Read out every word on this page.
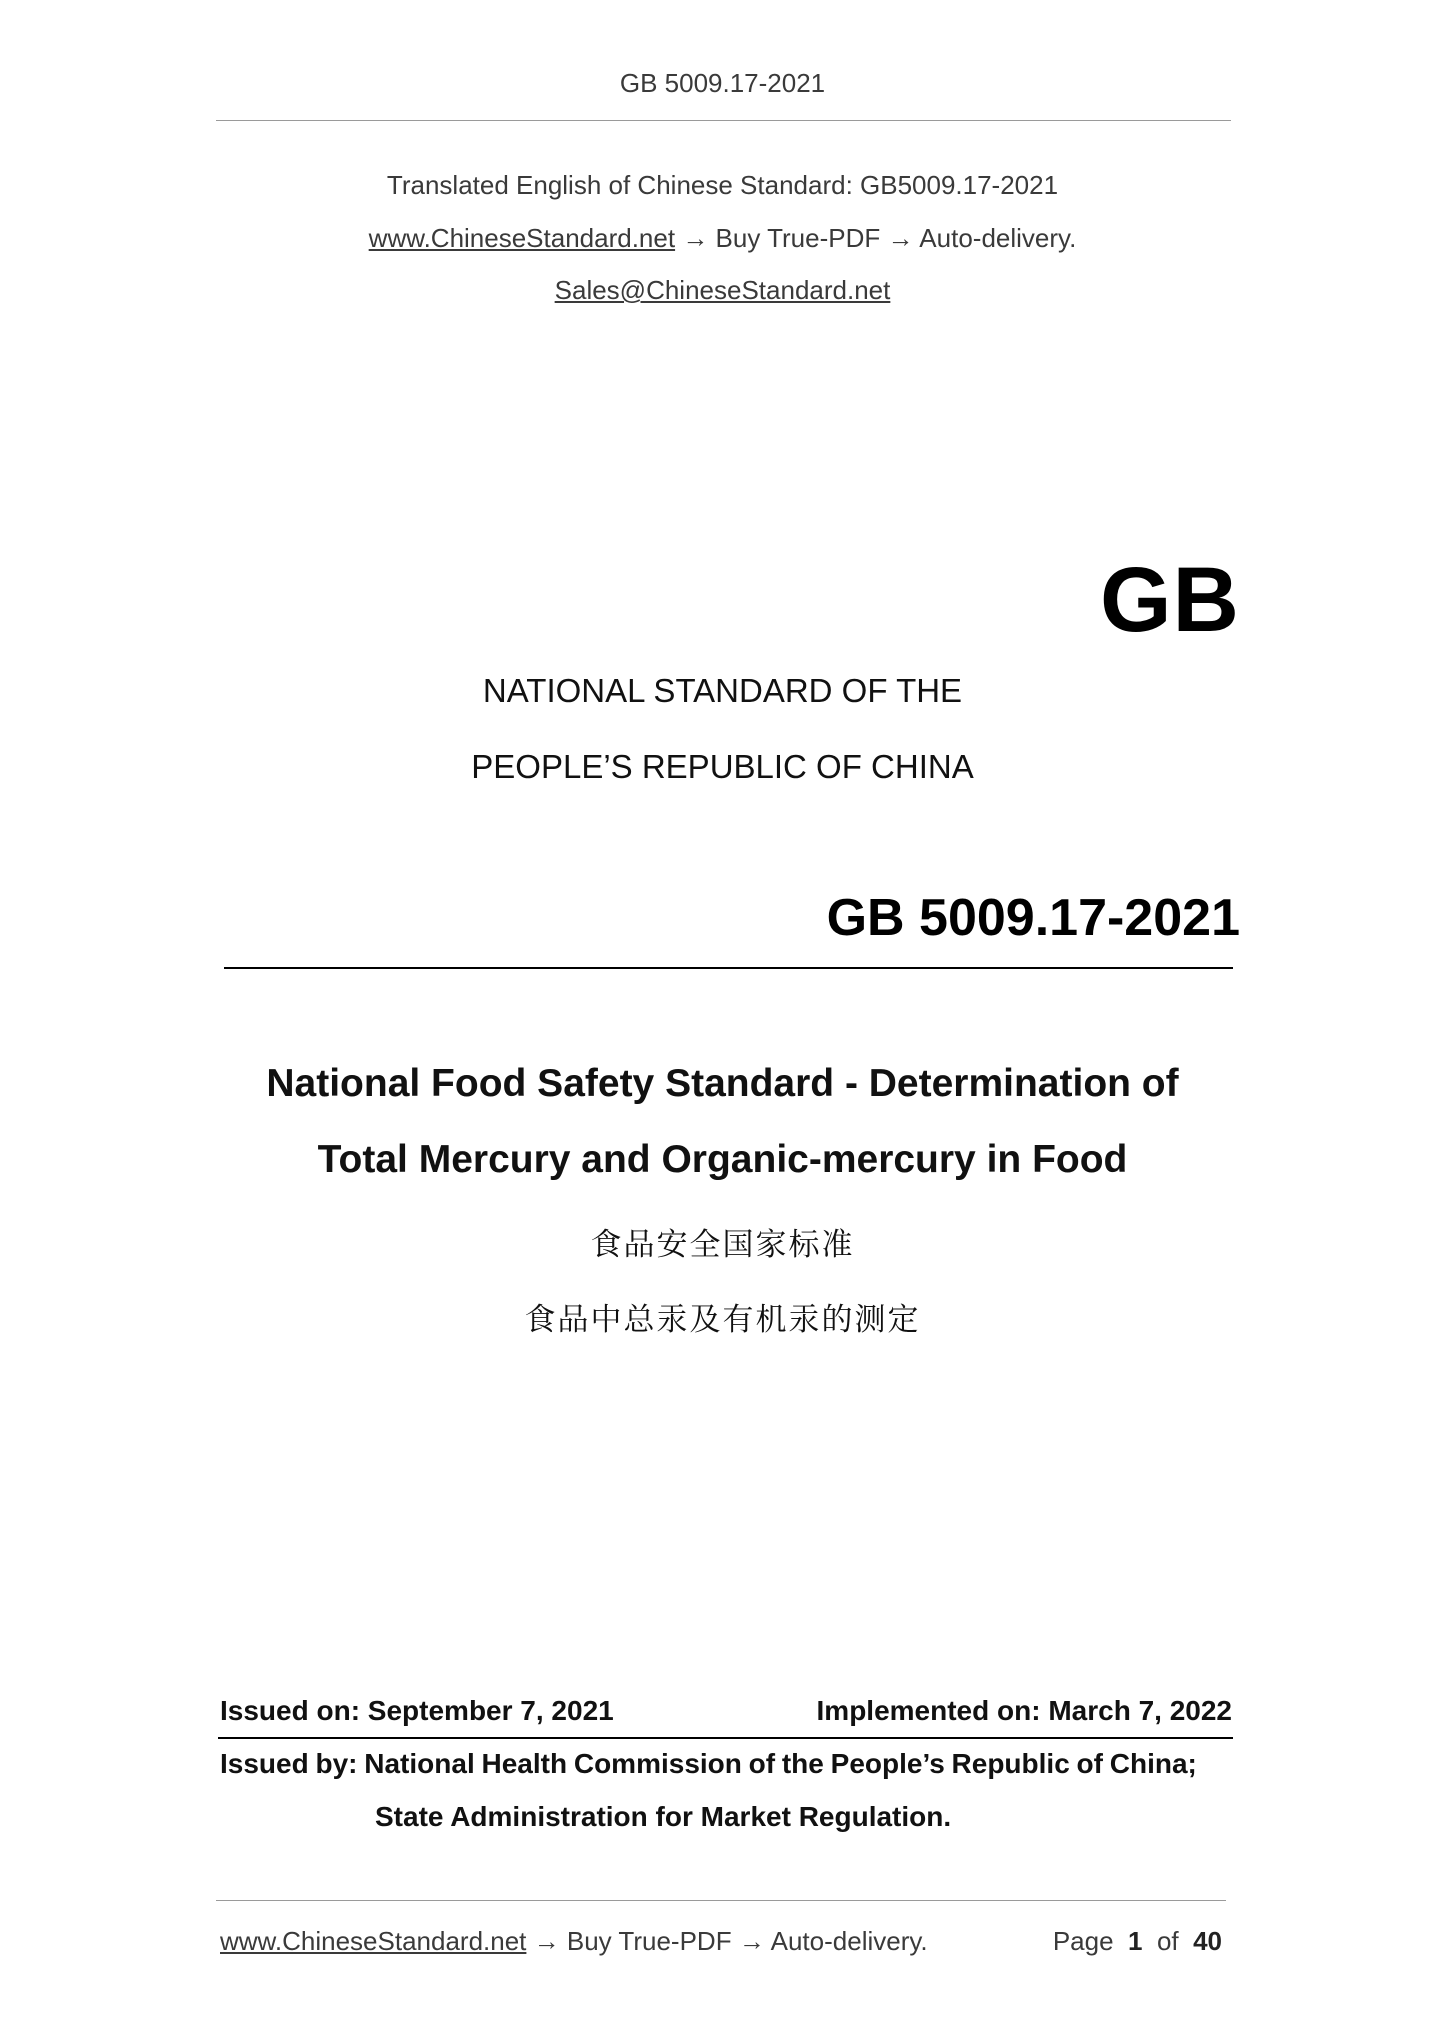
GB 5009.17-2021
Translated English of Chinese Standard: GB5009.17-2021
www.ChineseStandard.net → Buy True-PDF → Auto-delivery.
Sales@ChineseStandard.net
GB
NATIONAL STANDARD OF THE
PEOPLE’S REPUBLIC OF CHINA
GB 5009.17-2021
National Food Safety Standard - Determination of
Total Mercury and Organic-mercury in Food
食品安全国家标准
食品中总汞及有机汞的测定
Issued on: September 7, 2021	Implemented on: March 7, 2022
Issued by: National Health Commission of the People’s Republic of China;
State Administration for Market Regulation.
www.ChineseStandard.net → Buy True-PDF → Auto-delivery.	Page 1 of 40
